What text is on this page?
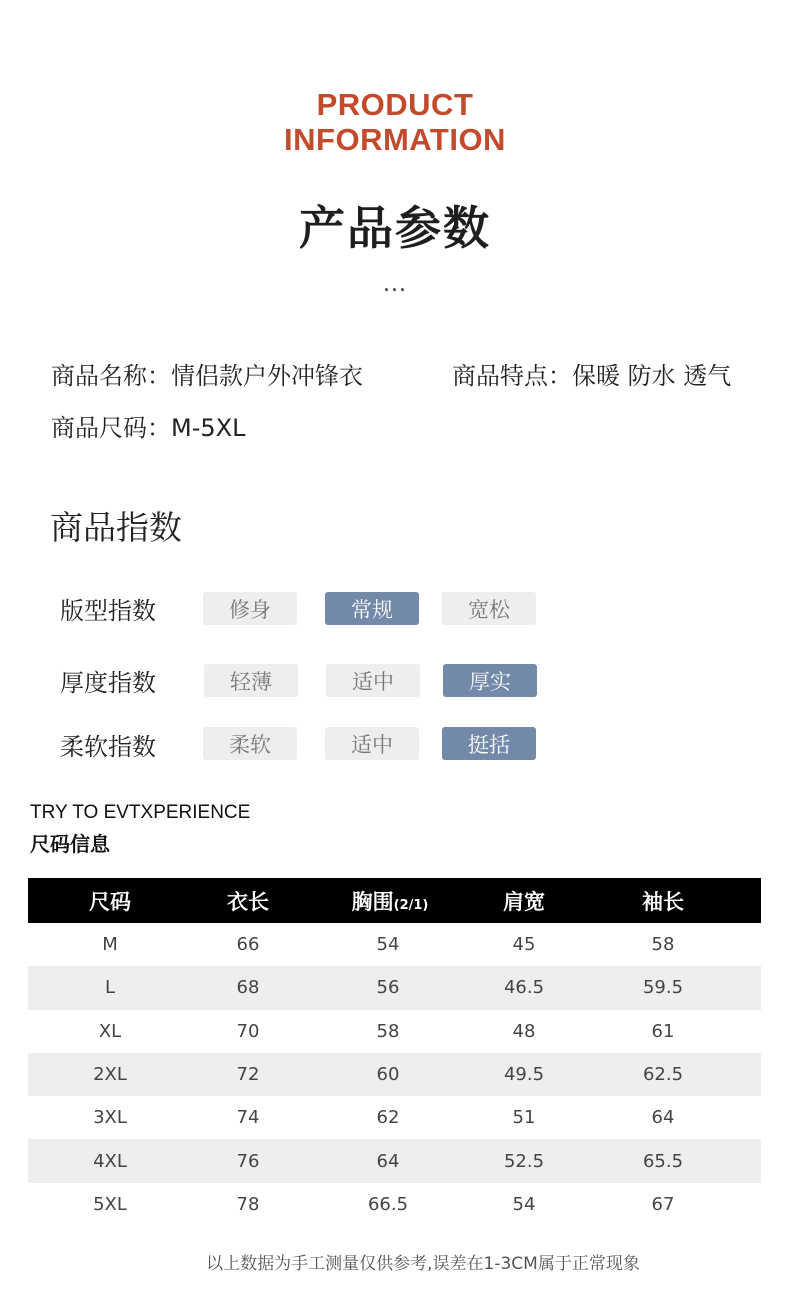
PRODUCT
INFORMATION
产品参数
...
商品名称：情侣款户外冲锋衣	商品特点：保暖 防水 透气
商品尺码：M-5XL
商品指数
版型指数	修身	常规	宽松
厚度指数	轻薄	适中	厚实
柔软指数	柔软	适中	挺括
TRY TO EVTXPERIENCE
尺码信息
尺码	衣长	胸围(2/1)	肩宽	袖长
M	66	54	45	58
L	68	56	46.5	59.5
XL	70	58	48	61
2XL	72	60	49.5	62.5
3XL	74	62	51	64
4XL	76	64	52.5	65.5
5XL	78	66.5	54	67
以上数据为手工测量仅供参考,误差在1-3CM属于正常现象
